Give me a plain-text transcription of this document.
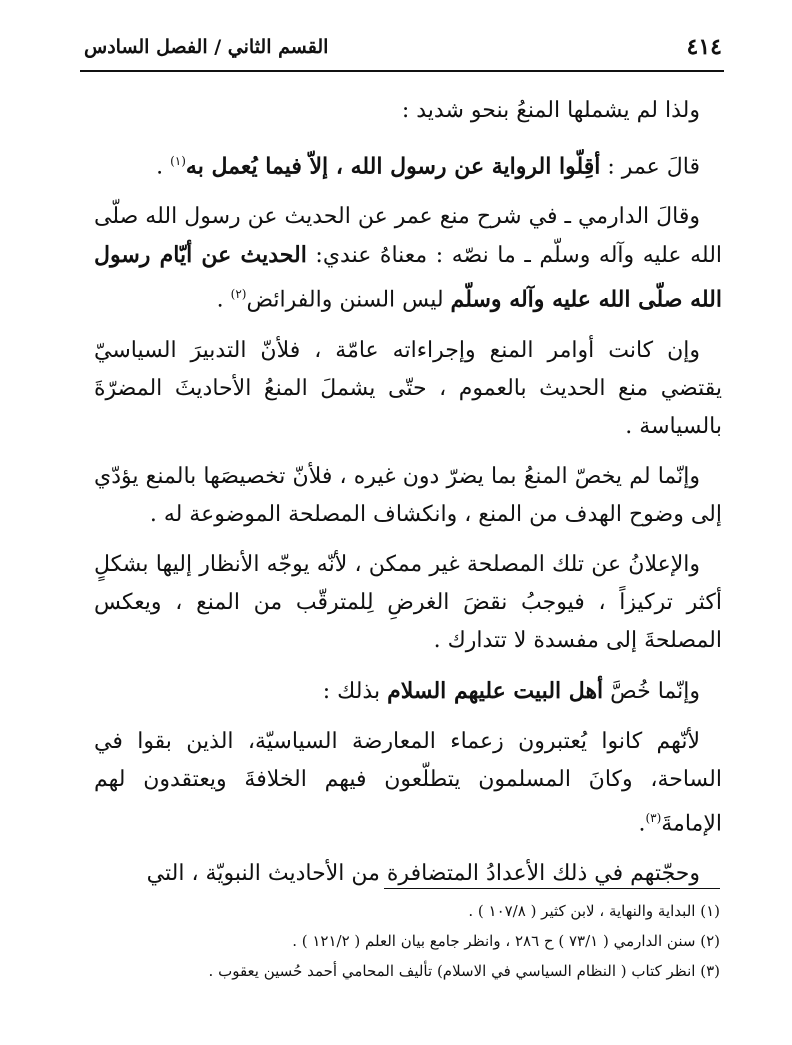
٤١٤
القسم الثاني / الفصل السادس

ولذا لم يشملها المنعُ بنحو شديد :

قالَ عمر : أقِلّوا الرواية عن رسول الله ، إلاّ فيما يُعمل به$^{(١)}$ .

وقالَ الدارمي ـ في شرح منع عمر عن الحديث عن رسول الله صلّى الله عليه وآله وسلّم ـ ما نصّه : معناهُ عندي: الحديث عن أيّام رسول الله صلّى الله عليه وآله وسلّم ليس السنن والفرائض$^{(٢)}$ .

وإن كانت أوامر المنع وإجراءاته عامّة ، فلأنّ التدبيرَ السياسيّ يقتضي منع الحديث بالعموم ، حتّى يشملَ المنعُ الأحاديثَ المضرّةَ بالسياسة .

وإنّما لم يخصّ المنعُ بما يضرّ دون غيره ، فلأنّ تخصيصَها بالمنع يؤدّي إلى وضوح الهدف من المنع ، وانكشاف المصلحة الموضوعة له .

والإعلانُ عن تلك المصلحة غير ممكن ، لأنّه يوجّه الأنظار إليها بشكلٍ أكثر تركيزاً ، فيوجبُ نقضَ الغرضِ لِلمترقّب من المنع ، ويعكس المصلحةَ إلى مفسدة لا تتدارك .

وإنّما خُصَّ أهل البيت عليهم السلام بذلك :

لأنّهم كانوا يُعتبرون زعماء المعارضة السياسيّة، الذين بقوا في الساحة، وكانَ المسلمون يتطلّعون فيهم الخلافةَ ويعتقدون لهم الإمامةَ$^{(٣)}$.

وحجّتهم في ذلك الأعدادُ المتضافرة من الأحاديث النبويّة ، التي

(١) البداية والنهاية ، لابن كثير ( ١٠٧/٨ ) .

(٢) سنن الدارمي ( ٧٣/١ ) ح ٢٨٦ ، وانظر جامع بيان العلم ( ١٢١/٢ ) .

(٣) انظر كتاب ( النظام السياسي في الاسلام) تأليف المحامي أحمد حُسين يعقوب .
